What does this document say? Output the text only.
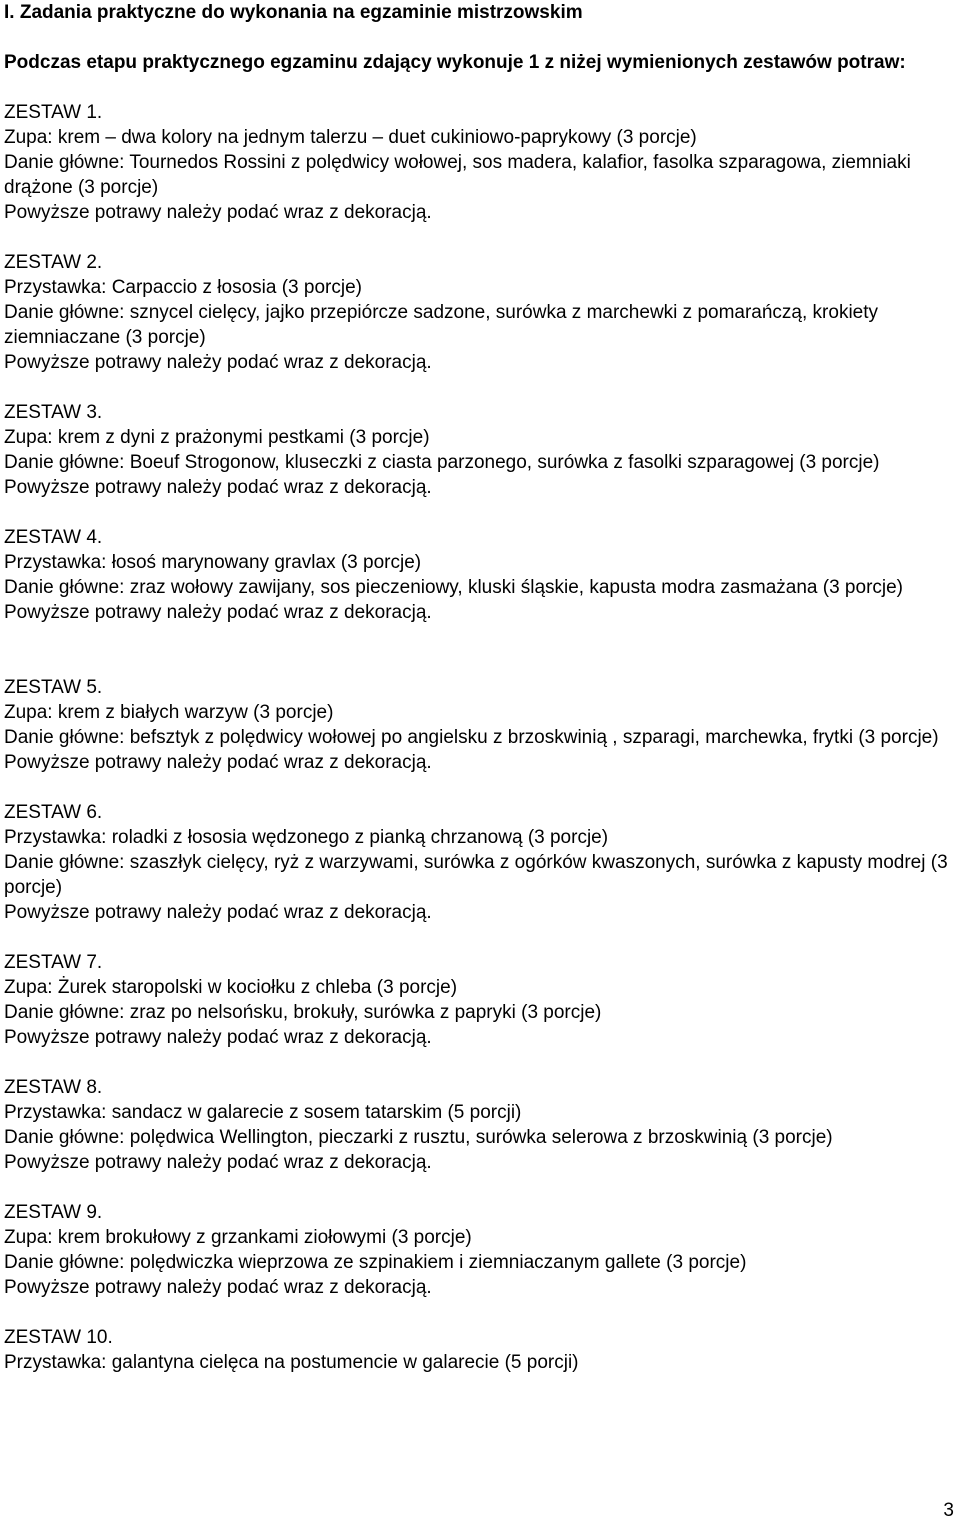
I. Zadania praktyczne do wykonania na egzaminie mistrzowskim

Podczas etapu praktycznego egzaminu zdający wykonuje 1 z niżej wymienionych zestawów potraw:

ZESTAW 1.

Zupa: krem – dwa kolory na jednym talerzu – duet cukiniowo-paprykowy (3 porcje)

Danie główne: Tournedos Rossini z polędwicy wołowej, sos madera, kalafior, fasolka szparagowa, ziemniaki drążone (3 porcje)

Powyższe potrawy należy podać wraz z dekoracją.

ZESTAW 2.

Przystawka: Carpaccio z łososia (3 porcje)

Danie główne: sznycel cielęcy, jajko przepiórcze sadzone, surówka z marchewki z pomarańczą, krokiety ziemniaczane (3 porcje)

Powyższe potrawy należy podać wraz z dekoracją.

ZESTAW 3.

Zupa: krem z dyni z prażonymi pestkami (3 porcje)

Danie główne: Boeuf Strogonow, kluseczki z ciasta parzonego, surówka z fasolki szparagowej (3 porcje)

Powyższe potrawy należy podać wraz z dekoracją.

ZESTAW 4.

Przystawka: łosoś marynowany gravlax (3 porcje)

Danie główne: zraz wołowy zawijany, sos pieczeniowy, kluski śląskie, kapusta modra zasmażana (3 porcje)

Powyższe potrawy należy podać wraz z dekoracją.

ZESTAW 5.

Zupa: krem z białych warzyw (3 porcje)

Danie główne: befsztyk z polędwicy wołowej po angielsku z brzoskwinią , szparagi, marchewka, frytki (3 porcje)

Powyższe potrawy należy podać wraz z dekoracją.

ZESTAW 6.

Przystawka: roladki z łososia wędzonego z pianką chrzanową (3 porcje)

Danie główne: szaszłyk cielęcy, ryż z warzywami, surówka z ogórków kwaszonych, surówka z kapusty modrej (3 porcje)

Powyższe potrawy należy podać wraz z dekoracją.

ZESTAW 7.

Zupa: Żurek staropolski w kociołku z chleba (3 porcje)

Danie główne: zraz po nelsońsku, brokuły, surówka z papryki (3 porcje)

Powyższe potrawy należy podać wraz z dekoracją.

ZESTAW 8.

Przystawka: sandacz w galarecie z sosem tatarskim (5 porcji)

Danie główne: polędwica Wellington, pieczarki z rusztu, surówka selerowa z brzoskwinią (3 porcje)

Powyższe potrawy należy podać wraz z dekoracją.

ZESTAW 9.

Zupa: krem brokułowy z grzankami ziołowymi (3 porcje)

Danie główne: polędwiczka wieprzowa ze szpinakiem i ziemniaczanym gallete (3 porcje)

Powyższe potrawy należy podać wraz z dekoracją.

ZESTAW 10.

Przystawka: galantyna cielęca na postumencie w galarecie (5 porcji)

3
